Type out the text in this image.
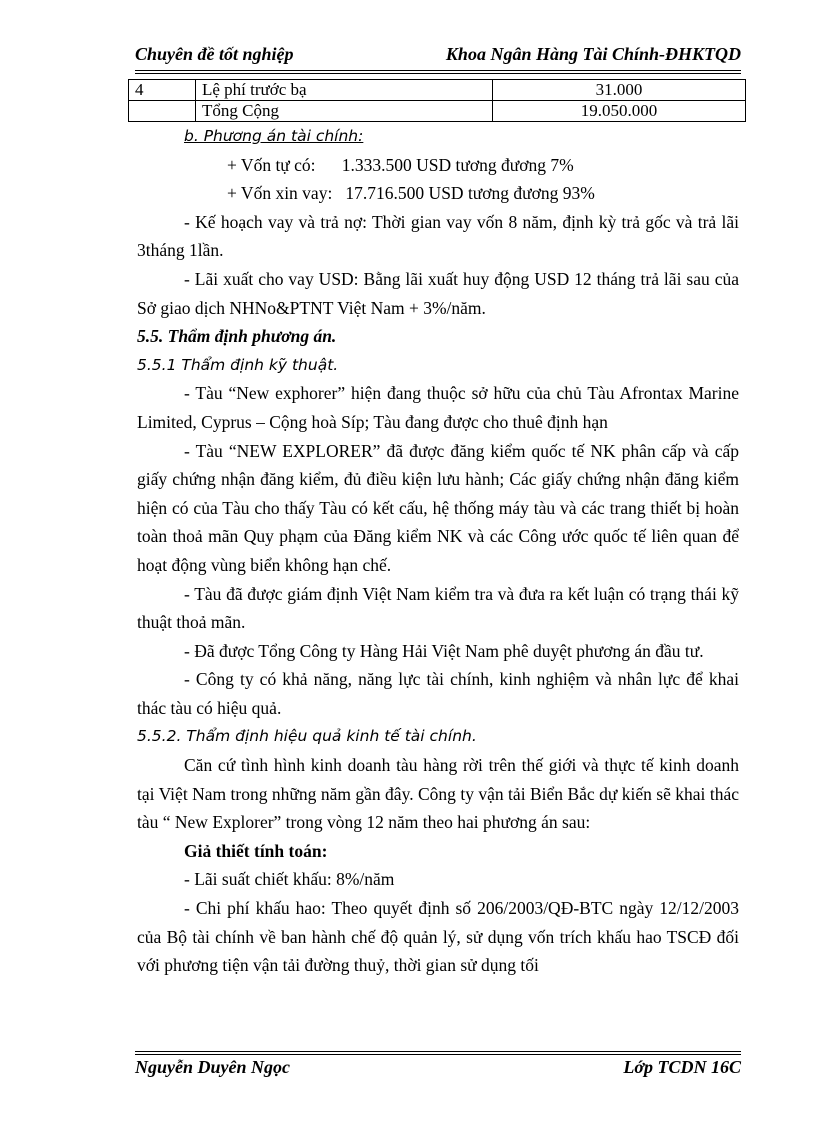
Chuyên đề tốt nghiệp	Khoa Ngân Hàng Tài Chính-ĐHKTQD
4	Lệ phí trước bạ	31.000
	Tổng Cộng	19.050.000

b. Phương án tài chính:

+ Vốn tự có:      1.333.500 USD tương đương 7%

+ Vốn xin vay:   17.716.500 USD tương đương 93%

- Kế hoạch vay và trả nợ: Thời gian vay vốn 8 năm, định kỳ trả gốc và trả lãi 3tháng 1lần.

- Lãi xuất cho vay USD: Bằng lãi xuất huy động USD 12 tháng trả lãi sau của Sở giao dịch NHNo&PTNT Việt Nam + 3%/năm.

5.5. Thẩm định phương án.

5.5.1 Thẩm định kỹ thuật.

- Tàu “New exphorer” hiện đang thuộc sở hữu của chủ Tàu Afrontax Marine Limited, Cyprus – Cộng hoà Síp; Tàu đang được cho thuê định hạn

- Tàu “NEW EXPLORER” đã được đăng kiểm quốc tế NK phân cấp và cấp giấy chứng nhận đăng kiểm, đủ điều kiện lưu hành; Các giấy chứng nhận đăng kiểm hiện có của Tàu cho thấy Tàu có kết cấu, hệ thống máy tàu và các trang thiết bị hoàn toàn thoả mãn Quy phạm của Đăng kiểm NK và các Công ước quốc tế liên quan để hoạt động vùng biển không hạn chế.

- Tàu đã được giám định Việt Nam kiểm tra và đưa ra kết luận có trạng thái kỹ thuật thoả mãn.

- Đã được Tổng Công ty Hàng Hải Việt Nam phê duyệt phương án đầu tư.

- Công ty có khả năng, năng lực tài chính, kinh nghiệm và nhân lực để khai thác tàu có hiệu quả.

5.5.2. Thẩm định hiệu quả kinh tế tài chính.

Căn cứ tình hình kinh doanh tàu hàng rời trên thế giới và thực tế kinh doanh tại Việt Nam trong những năm gần đây. Công ty vận tải Biển Bắc dự kiến sẽ khai thác tàu “ New Explorer” trong vòng 12 năm theo hai phương án sau:

Giả thiết tính toán:

- Lãi suất chiết khấu: 8%/năm

- Chi phí khấu hao: Theo quyết định số 206/2003/QĐ-BTC ngày 12/12/2003 của Bộ tài chính về ban hành chế độ quản lý, sử dụng vốn trích khấu hao TSCĐ đối với phương tiện vận tải đường thuỷ, thời gian sử dụng tối

Nguyễn Duyên Ngọc	Lớp TCDN 16C
